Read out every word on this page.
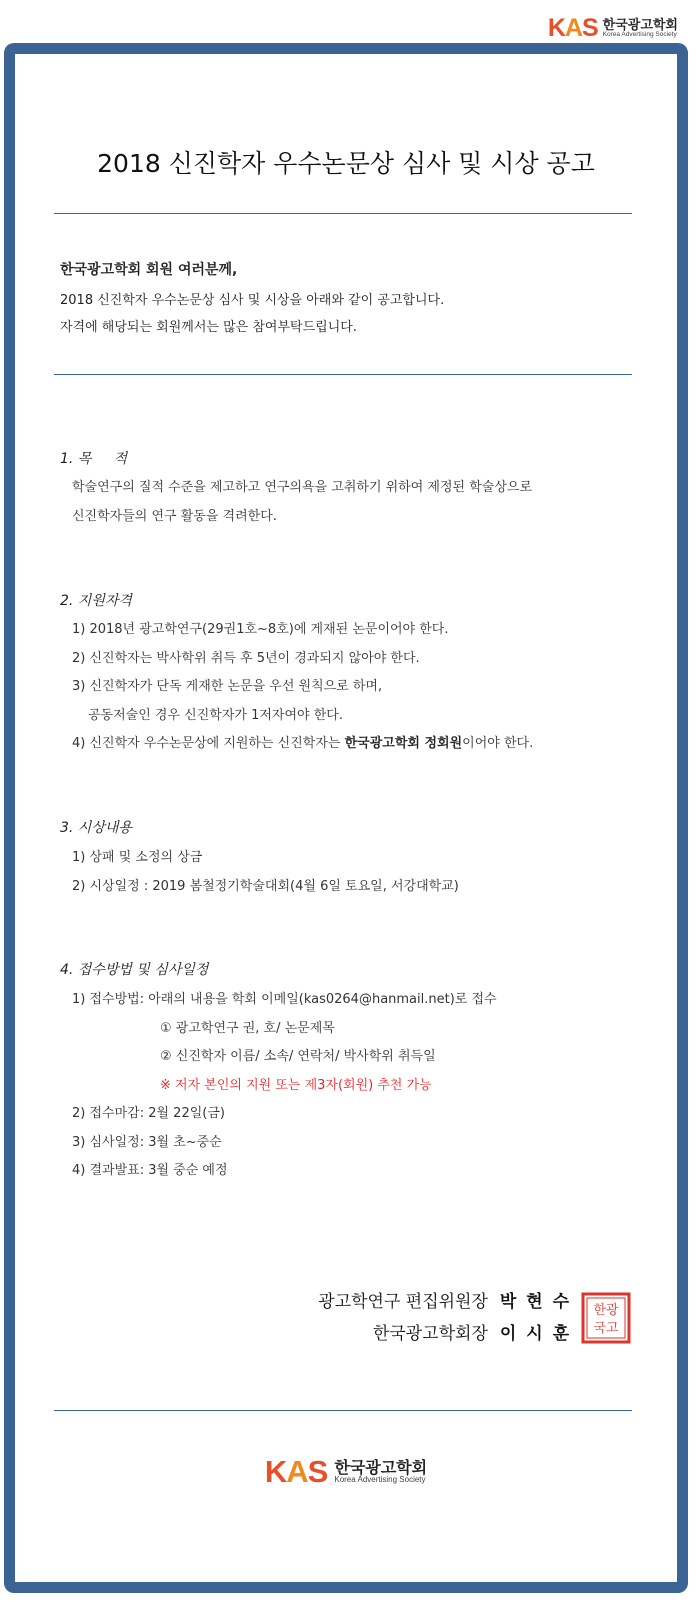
KAS 한국광고학회
Korea Advertising Society
2018 신진학자 우수논문상 심사 및 시상 공고

한국광고학회 회원 여러분께,

2018 신진학자 우수논문상 심사 및 시상을 아래와 같이 공고합니다.

자격에 해당되는 회원께서는 많은 참여부탁드립니다.

1. 목     적

학술연구의 질적 수준을 제고하고 연구의욕을 고취하기 위하여 제정된 학술상으로

신진학자들의 연구 활동을 격려한다.

2. 지원자격

1) 2018년 광고학연구(29권1호~8호)에 게재된 논문이어야 한다.

2) 신진학자는 박사학위 취득 후 5년이 경과되지 않아야 한다.

3) 신진학자가 단독 게재한 논문을 우선 원칙으로 하며,

공동저술인 경우 신진학자가 1저자여야 한다.

4) 신진학자 우수논문상에 지원하는 신진학자는 한국광고학회 정회원이어야 한다.

3. 시상내용

1) 상패 및 소정의 상금

2) 시상일정 : 2019 봄철정기학술대회(4월 6일 토요일, 서강대학교)

4. 접수방법 및 심사일정

1) 접수방법: 아래의 내용을 학회 이메일(kas0264@hanmail.net)로 접수

① 광고학연구 권, 호/ 논문제목

② 신진학자 이름/ 소속/ 연락처/ 박사학위 취득일

※ 저자 본인의 지원 또는 제3자(회원) 추천 가능

2) 접수마감: 2월 22일(금)

3) 심사일정: 3월 초~중순

4) 결과발표: 3월 중순 예정

광고학연구 편집위원장 박 현 수
한국광고학회장 이 시 훈
한광
국고
KAS 한국광고학회
Korea Advertising Society
